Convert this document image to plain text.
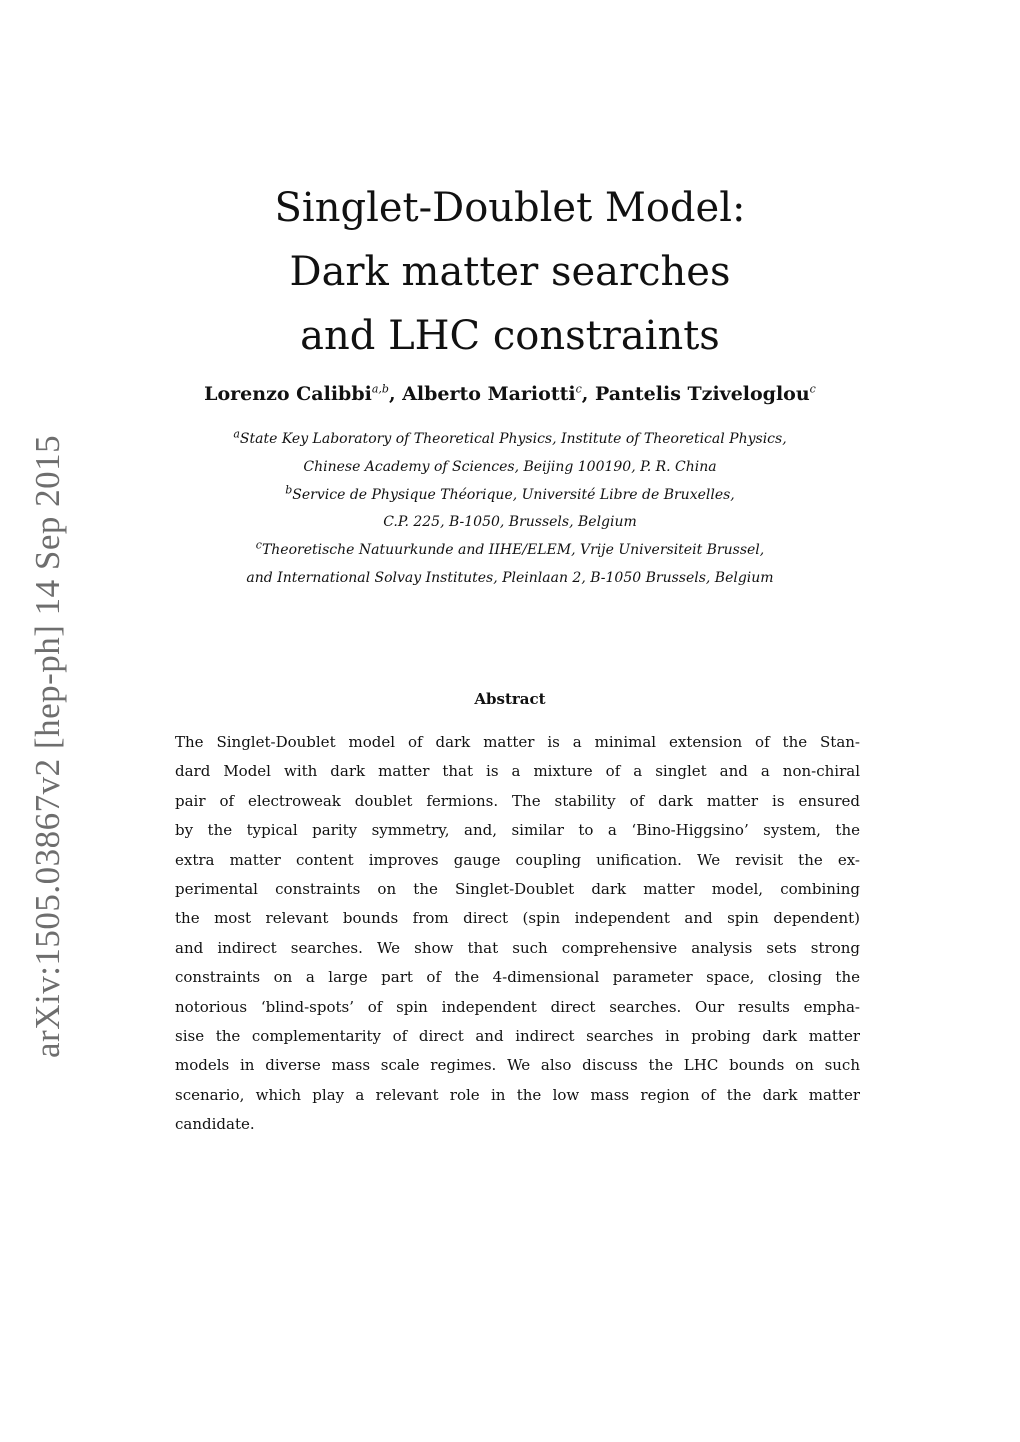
arXiv:1505.03867v2 [hep-ph] 14 Sep 2015
Singlet-Doublet Model:
Dark matter searches
and LHC constraints
Lorenzo Calibbi$^{a,b}$, Alberto Mariotti$^c$, Pantelis Tziveloglou$^c$
$^a$State Key Laboratory of Theoretical Physics, Institute of Theoretical Physics,
Chinese Academy of Sciences, Beijing 100190, P. R. China
$^b$Service de Physique Théorique, Université Libre de Bruxelles,
C.P. 225, B-1050, Brussels, Belgium
$^c$Theoretische Natuurkunde and IIHE/ELEM, Vrije Universiteit Brussel,
and International Solvay Institutes, Pleinlaan 2, B-1050 Brussels, Belgium
Abstract
The Singlet-Doublet model of dark matter is a minimal extension of the Stan-
dard Model with dark matter that is a mixture of a singlet and a non-chiral
pair of electroweak doublet fermions. The stability of dark matter is ensured
by the typical parity symmetry, and, similar to a ‘Bino-Higgsino’ system, the
extra matter content improves gauge coupling unification. We revisit the ex-
perimental constraints on the Singlet-Doublet dark matter model, combining
the most relevant bounds from direct (spin independent and spin dependent)
and indirect searches. We show that such comprehensive analysis sets strong
constraints on a large part of the 4-dimensional parameter space, closing the
notorious ‘blind-spots’ of spin independent direct searches. Our results empha-
sise the complementarity of direct and indirect searches in probing dark matter
models in diverse mass scale regimes. We also discuss the LHC bounds on such
scenario, which play a relevant role in the low mass region of the dark matter
candidate.
